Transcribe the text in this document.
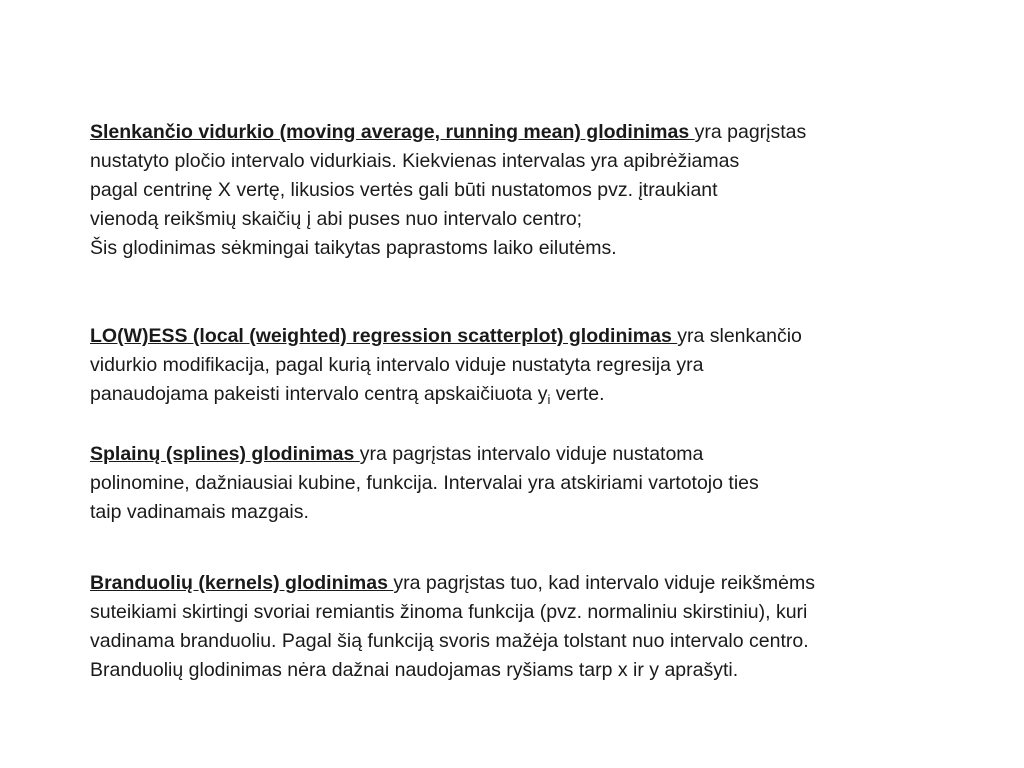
Slenkančio vidurkio (moving average, running mean) glodinimas yra pagrįstas
nustatyto pločio intervalo vidurkiais. Kiekvienas intervalas yra apibrėžiamas
pagal centrinę X vertę, likusios vertės gali būti nustatomos pvz. įtraukiant
vienodą reikšmių skaičių į abi puses nuo intervalo centro;
Šis glodinimas sėkmingai taikytas paprastoms laiko eilutėms.

LO(W)ESS (local (weighted) regression scatterplot) glodinimas yra slenkančio
vidurkio modifikacija, pagal kurią intervalo viduje nustatyta regresija yra
panaudojama pakeisti intervalo centrą apskaičiuota $y_i$ verte.

Splainų (splines) glodinimas yra pagrįstas intervalo viduje nustatoma
polinomine, dažniausiai kubine, funkcija. Intervalai yra atskiriami vartotojo ties
taip vadinamais mazgais.

Branduolių (kernels) glodinimas yra pagrįstas tuo, kad intervalo viduje reikšmėms
suteikiami skirtingi svoriai remiantis žinoma funkcija (pvz. normaliniu skirstiniu), kuri
vadinama branduoliu. Pagal šią funkciją svoris mažėja tolstant nuo intervalo centro.
Branduolių glodinimas nėra dažnai naudojamas ryšiams tarp x ir y aprašyti.
